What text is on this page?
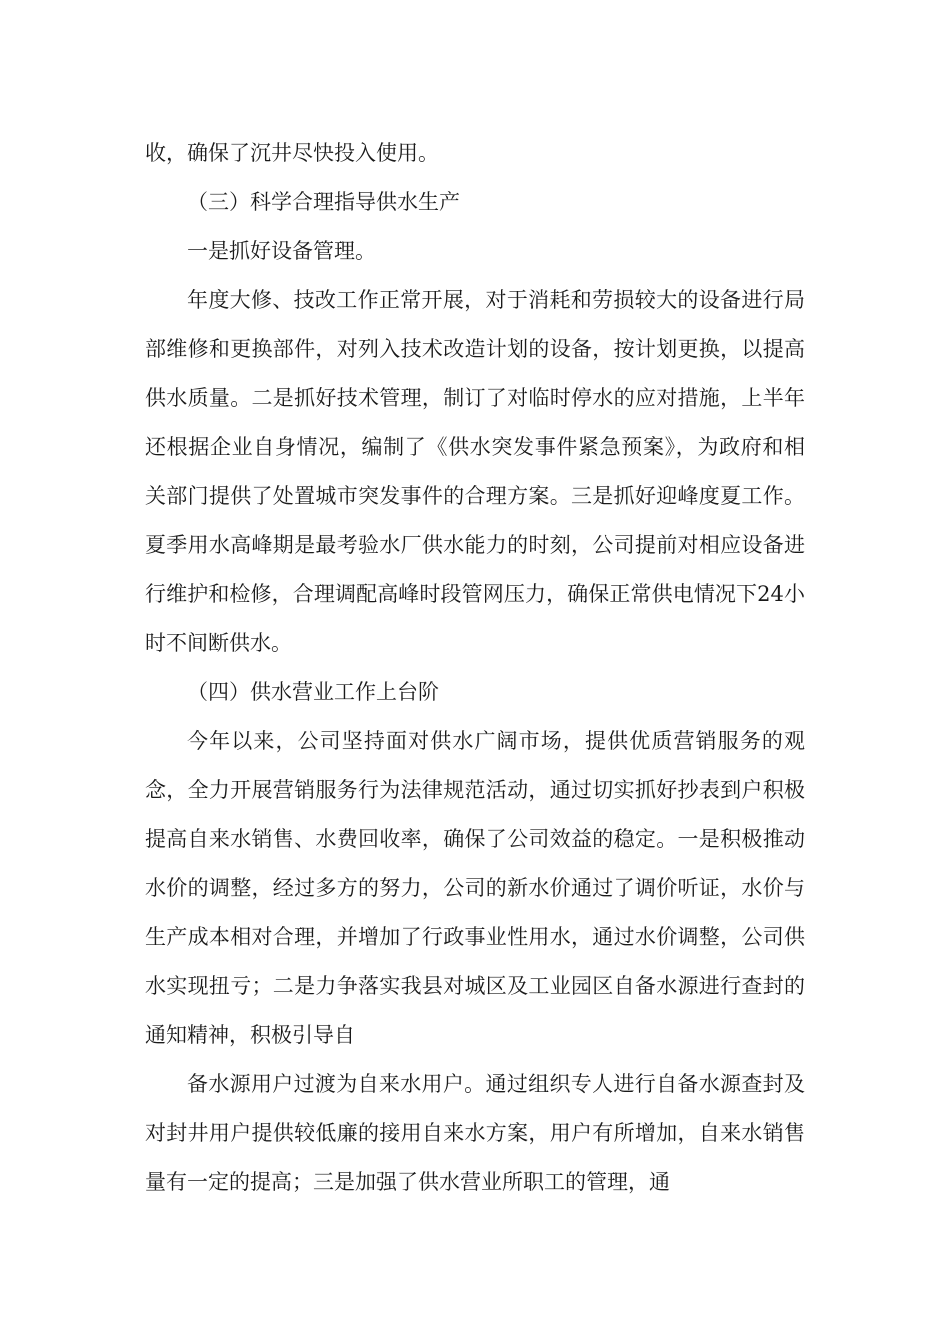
收，确保了沉井尽快投入使用。

（三）科学合理指导供水生产

一是抓好设备管理。

年度大修、技改工作正常开展，对于消耗和劳损较大的设备进行局部维修和更换部件，对列入技术改造计划的设备，按计划更换，以提高供水质量。二是抓好技术管理，制订了对临时停水的应对措施，上半年还根据企业自身情况，编制了《供水突发事件紧急预案》，为政府和相关部门提供了处置城市突发事件的合理方案。三是抓好迎峰度夏工作。夏季用水高峰期是最考验水厂供水能力的时刻，公司提前对相应设备进行维护和检修，合理调配高峰时段管网压力，确保正常供电情况下24小时不间断供水。

（四）供水营业工作上台阶

今年以来，公司坚持面对供水广阔市场，提供优质营销服务的观念，全力开展营销服务行为法律规范活动，通过切实抓好抄表到户积极提高自来水销售、水费回收率，确保了公司效益的稳定。一是积极推动水价的调整，经过多方的努力，公司的新水价通过了调价听证，水价与生产成本相对合理，并增加了行政事业性用水，通过水价调整，公司供水实现扭亏；二是力争落实我县对城区及工业园区自备水源进行查封的通知精神，积极引导自

备水源用户过渡为自来水用户。通过组织专人进行自备水源查封及对封井用户提供较低廉的接用自来水方案，用户有所增加，自来水销售量有一定的提高；三是加强了供水营业所职工的管理，通
